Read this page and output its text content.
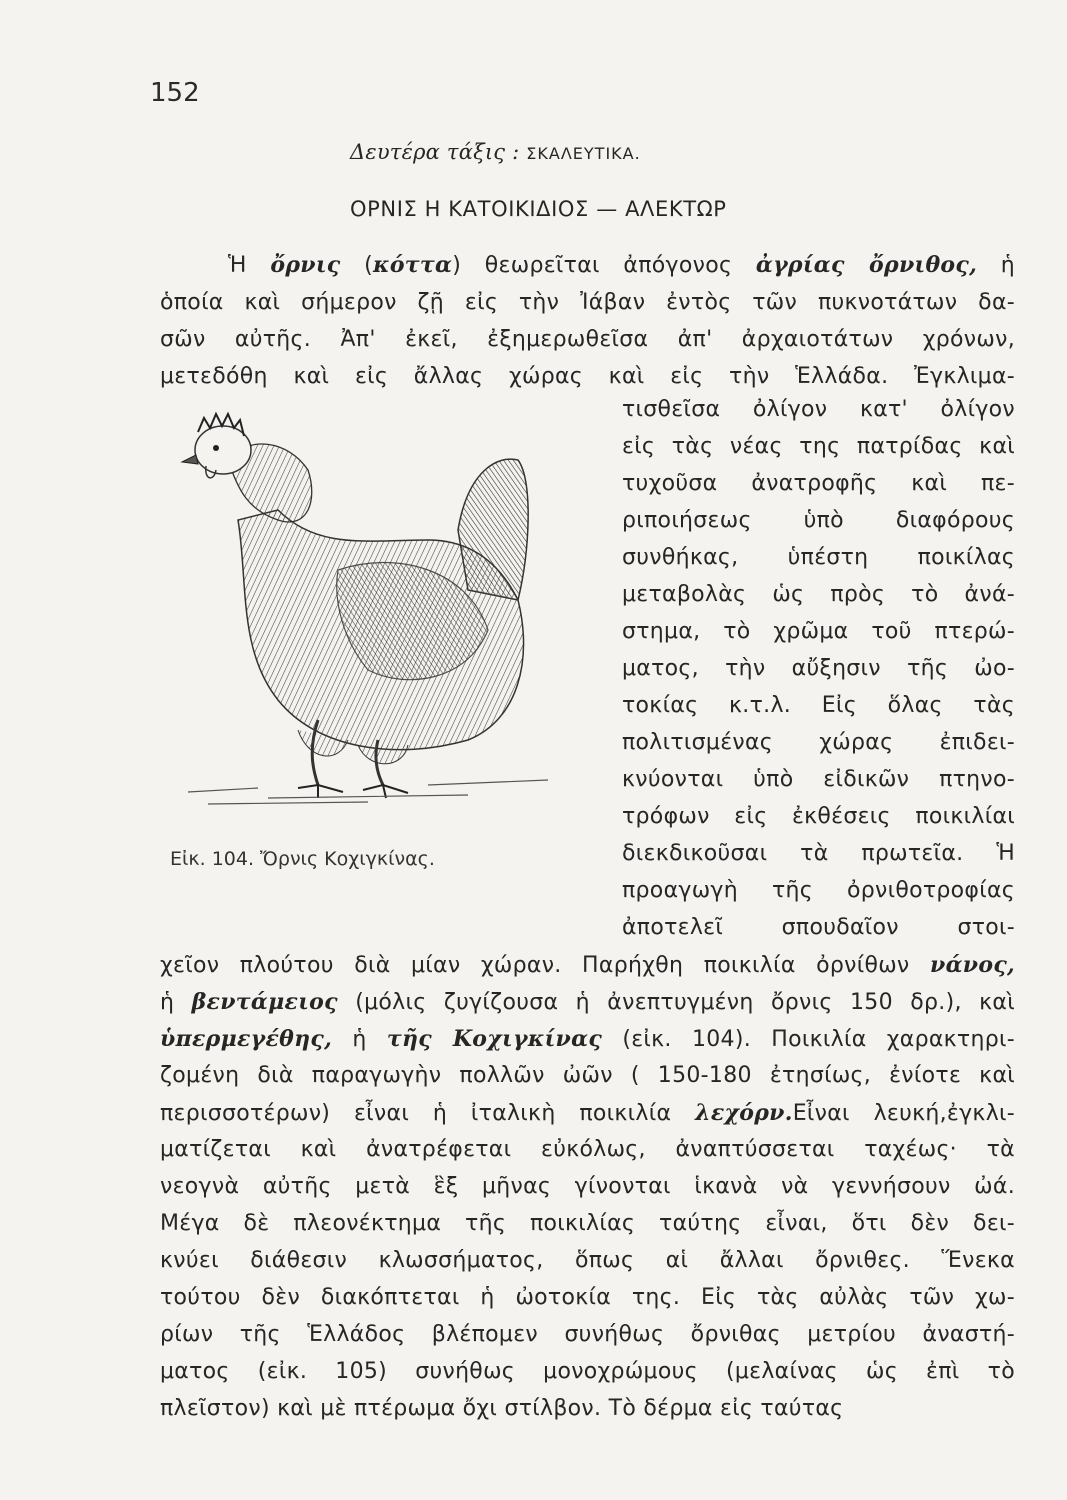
152
Δευτέρα τάξις : ΣΚΑΛΕΥΤΙΚΑ.
ΟΡΝΙΣ Η ΚΑΤΟΙΚΙΔΙΟΣ — ΑΛΕΚΤΩΡ
Ἡ ὄρνις (κόττα) θεωρεῖται ἀπόγονος ἀγρίας ὄρνιθος, ἡ
ὁποία καὶ σήμερον ζῇ εἰς τὴν Ἰάβαν ἐντὸς τῶν πυκνοτάτων δα-
σῶν αὐτῆς. Ἀπ' ἐκεῖ, ἐξημερωθεῖσα ἀπ' ἀρχαιοτάτων χρόνων,
μετεδόθη καὶ εἰς ἄλλας χώρας καὶ εἰς τὴν Ἑλλάδα. Ἐγκλιμα-
Εἰκ. 104. Ὄρνις Κοχιγκίνας.
τισθεῖσα ὀλίγον κατ' ὀλίγον
εἰς τὰς νέας της πατρίδας καὶ
τυχοῦσα ἀνατροφῆς καὶ πε-
ριποιήσεως ὑπὸ διαφόρους
συνθήκας, ὑπέστη ποικίλας
μεταβολὰς ὡς πρὸς τὸ ἀνά-
στημα, τὸ χρῶμα τοῦ πτερώ-
ματος, τὴν αὔξησιν τῆς ὠο-
τοκίας κ.τ.λ. Εἰς ὅλας τὰς
πολιτισμένας χώρας ἐπιδει-
κνύονται ὑπὸ εἰδικῶν πτηνο-
τρόφων εἰς ἐκθέσεις ποικιλίαι
διεκδικοῦσαι τὰ πρωτεῖα. Ἡ
προαγωγὴ τῆς ὀρνιθοτροφίας
ἀποτελεῖ σπουδαῖον στοι-
χεῖον πλούτου διὰ μίαν χώραν. Παρήχθη ποικιλία ὀρνίθων νάνος,
ἡ βεντάμειος (μόλις ζυγίζουσα ἡ ἀνεπτυγμένη ὄρνις 150 δρ.), καὶ
ὑπερμεγέθης, ἡ τῆς Κοχιγκίνας (εἰκ. 104). Ποικιλία χαρακτηρι-
ζομένη διὰ παραγωγὴν πολλῶν ὠῶν ( 150-180 ἐτησίως, ἐνίοτε καὶ
περισσοτέρων) εἶναι ἡ ἰταλικὴ ποικιλία λεχόρν.Εἶναι λευκή,ἐγκλι-
ματίζεται καὶ ἀνατρέφεται εὐκόλως, ἀναπτύσσεται ταχέως· τὰ
νεογνὰ αὐτῆς μετὰ ἓξ μῆνας γίνονται ἱκανὰ νὰ γεννήσουν ὠά.
Μέγα δὲ πλεονέκτημα τῆς ποικιλίας ταύτης εἶναι, ὅτι δὲν δει-
κνύει διάθεσιν κλωσσήματος, ὅπως αἱ ἄλλαι ὄρνιθες. Ἕνεκα
τούτου δὲν διακόπτεται ἡ ὠοτοκία της. Εἰς τὰς αὐλὰς τῶν χω-
ρίων τῆς Ἑλλάδος βλέπομεν συνήθως ὄρνιθας μετρίου ἀναστή-
ματος (εἰκ. 105) συνήθως μονοχρώμους (μελαίνας ὡς ἐπὶ τὸ
πλεῖστον) καὶ μὲ πτέρωμα ὄχι στίλβον. Τὸ δέρμα εἰς ταύτας
